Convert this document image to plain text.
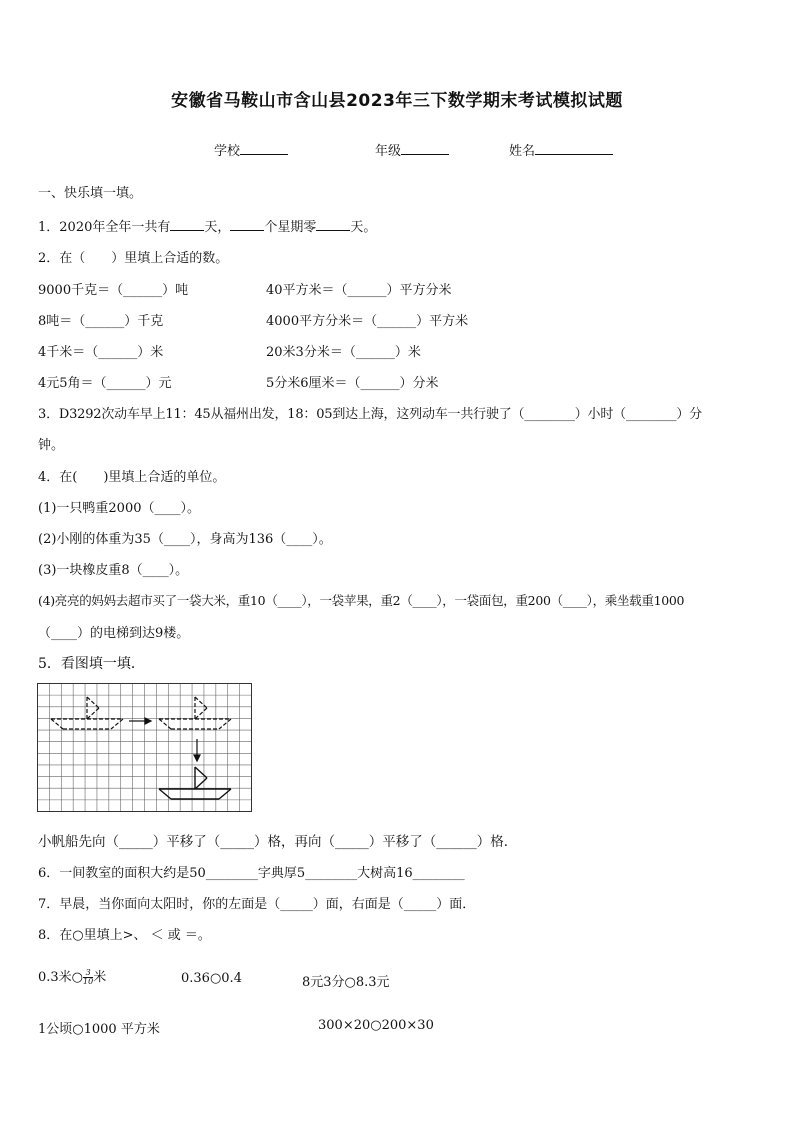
安徽省马鞍山市含山县2023年三下数学期末考试模拟试题
学校	年级	姓名
一、快乐填一填。
1．2020年全年一共有	天，	个星期零	天。
2．在（　　）里填上合适的数。
9000千克＝（______）吨	40平方米＝（______）平方分米
8吨＝（______）千克	4000平方分米＝（______）平方米
4千米＝（______）米	20米3分米＝（______）米
4元5角＝（______）元	5分米6厘米＝（______）分米
3．D3292次动车早上11：45从福州出发，18：05到达上海，这列动车一共行驶了（________）小时（________）分
钟。
4．在(　　)里填上合适的单位。
(1)一只鸭重2000（____）。
(2)小刚的体重为35（____），身高为136（____）。
(3)一块橡皮重8（____）。
(4)亮亮的妈妈去超市买了一袋大米，重10（____），一袋苹果，重2（____），一袋面包，重200（____），乘坐载重1000
（____）的电梯到达9楼。
5．看图填一填．
小帆船先向（_____）平移了（_____）格，再向（_____）平移了（______）格．
6．一间教室的面积大约是50________字典厚5________大树高16________
7．早晨，当你面向太阳时，你的左面是（_____）面，右面是（_____）面．
8．在○里填上>、 ＜ 或 ＝。
0.3米○ $\frac{3}{10}$ 米	0.36○0.4	8元3分○8.3元
1公顷○1000 平方米	300×20○200×30
